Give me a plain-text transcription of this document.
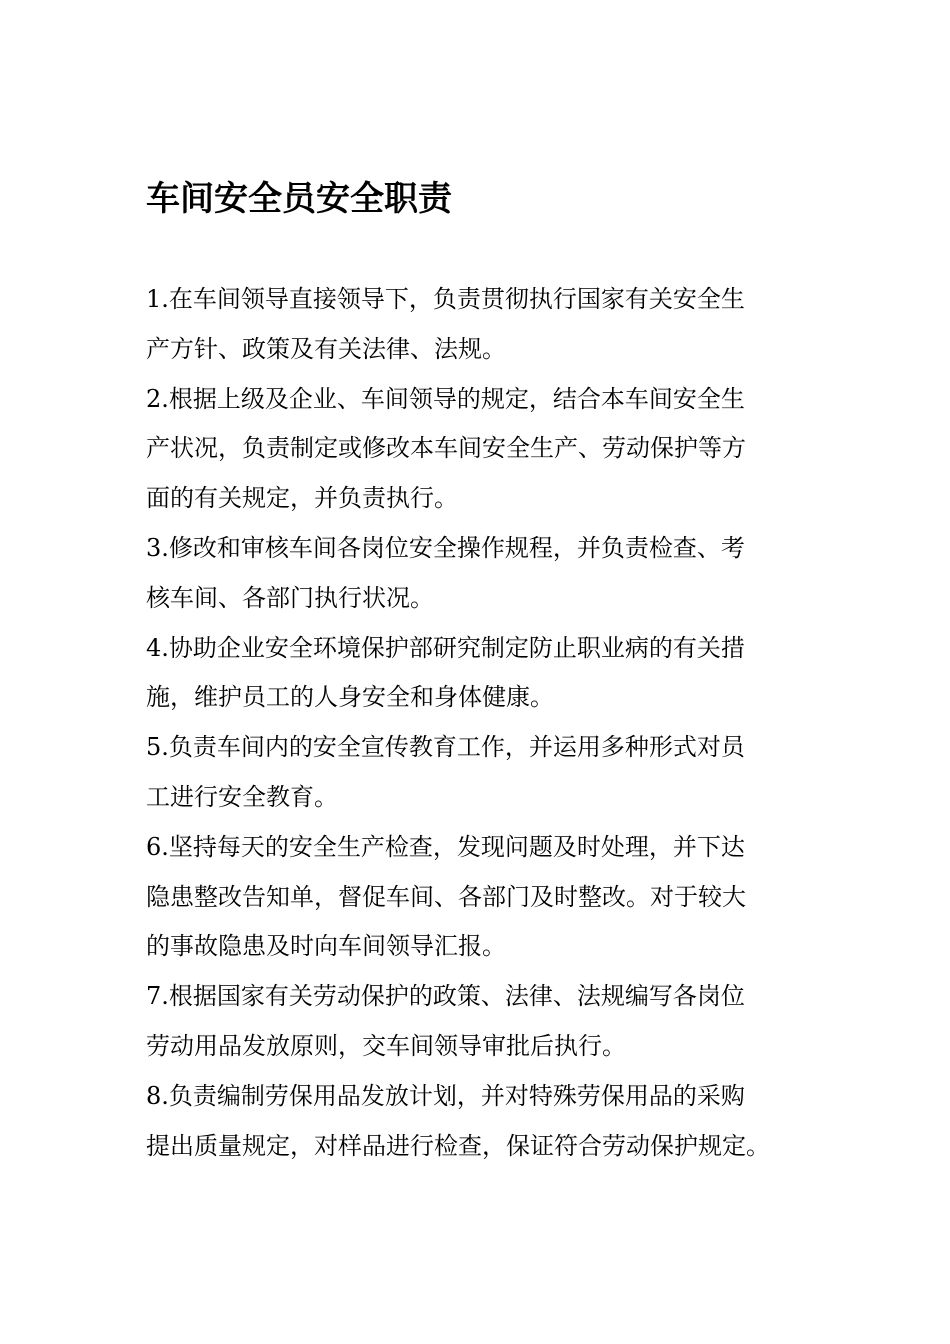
车间安全员安全职责
1.在车间领导直接领导下，负责贯彻执行国家有关安全生
产方针、政策及有关法律、法规。
2.根据上级及企业、车间领导的规定，结合本车间安全生
产状况，负责制定或修改本车间安全生产、劳动保护等方
面的有关规定，并负责执行。
3.修改和审核车间各岗位安全操作规程，并负责检查、考
核车间、各部门执行状况。
4.协助企业安全环境保护部研究制定防止职业病的有关措
施，维护员工的人身安全和身体健康。
5.负责车间内的安全宣传教育工作，并运用多种形式对员
工进行安全教育。
6.坚持每天的安全生产检查，发现问题及时处理，并下达
隐患整改告知单，督促车间、各部门及时整改。对于较大
的事故隐患及时向车间领导汇报。
7.根据国家有关劳动保护的政策、法律、法规编写各岗位
劳动用品发放原则，交车间领导审批后执行。
8.负责编制劳保用品发放计划，并对特殊劳保用品的采购
提出质量规定，对样品进行检查，保证符合劳动保护规定。
